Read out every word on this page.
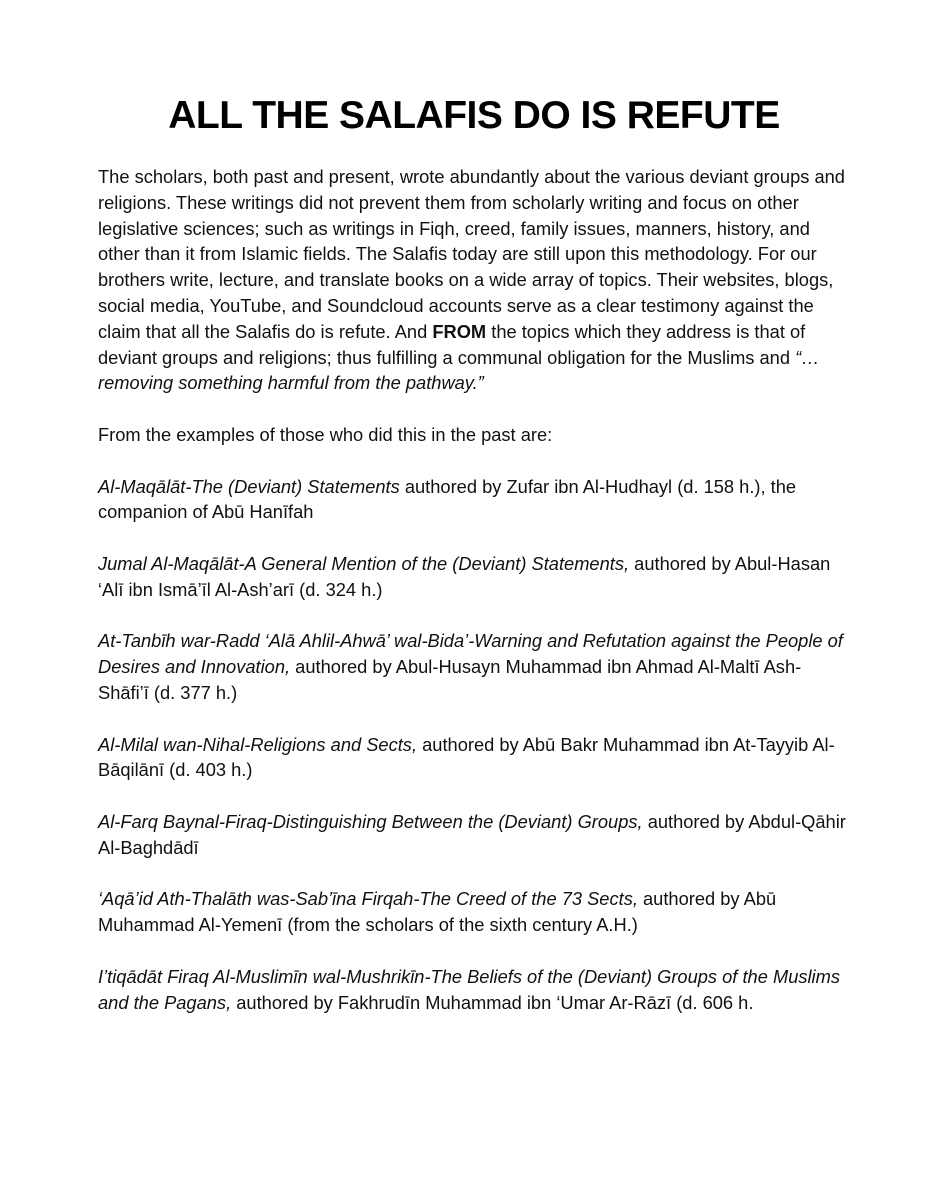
ALL THE SALAFIS DO IS REFUTE

The scholars, both past and present, wrote abundantly about the various deviant groups and religions. These writings did not prevent them from scholarly writing and focus on other legislative sciences; such as writings in Fiqh, creed, family issues, manners, history, and other than it from Islamic fields. The Salafis today are still upon this methodology. For our brothers write, lecture, and translate books on a wide array of topics. Their websites, blogs, social media, YouTube, and Soundcloud accounts serve as a clear testimony against the claim that all the Salafis do is refute. And FROM the topics which they address is that of deviant groups and religions; thus fulfilling a communal obligation for the Muslims and “…removing something harmful from the pathway.”

From the examples of those who did this in the past are:

Al-Maqālāt-The (Deviant) Statements authored by Zufar ibn Al-Hudhayl (d. 158 h.), the companion of Abū Hanīfah

Jumal Al-Maqālāt-A General Mention of the (Deviant) Statements, authored by Abul-Hasan ‘Alī ibn Ismā’īl Al-Ash’arī (d. 324 h.)

At-Tanbīh war-Radd ‘Alā Ahlil-Ahwā’ wal-Bida’-Warning and Refutation against the People of Desires and Innovation, authored by Abul-Husayn Muhammad ibn Ahmad Al-Maltī Ash-Shāfi’ī (d. 377 h.)

Al-Milal wan-Nihal-Religions and Sects, authored by Abū Bakr Muhammad ibn At-Tayyib Al-Bāqilānī (d. 403 h.)

Al-Farq Baynal-Firaq-Distinguishing Between the (Deviant) Groups, authored by Abdul-Qāhir Al-Baghdādī

‘Aqā’id Ath-Thalāth was-Sab’īna Firqah-The Creed of the 73 Sects, authored by Abū Muhammad Al-Yemenī (from the scholars of the sixth century A.H.)

I’tiqādāt Firaq Al-Muslimīn wal-Mushrikīn-The Beliefs of the (Deviant) Groups of the Muslims and the Pagans, authored by Fakhrudīn Muhammad ibn ‘Umar Ar-Rāzī (d. 606 h.
